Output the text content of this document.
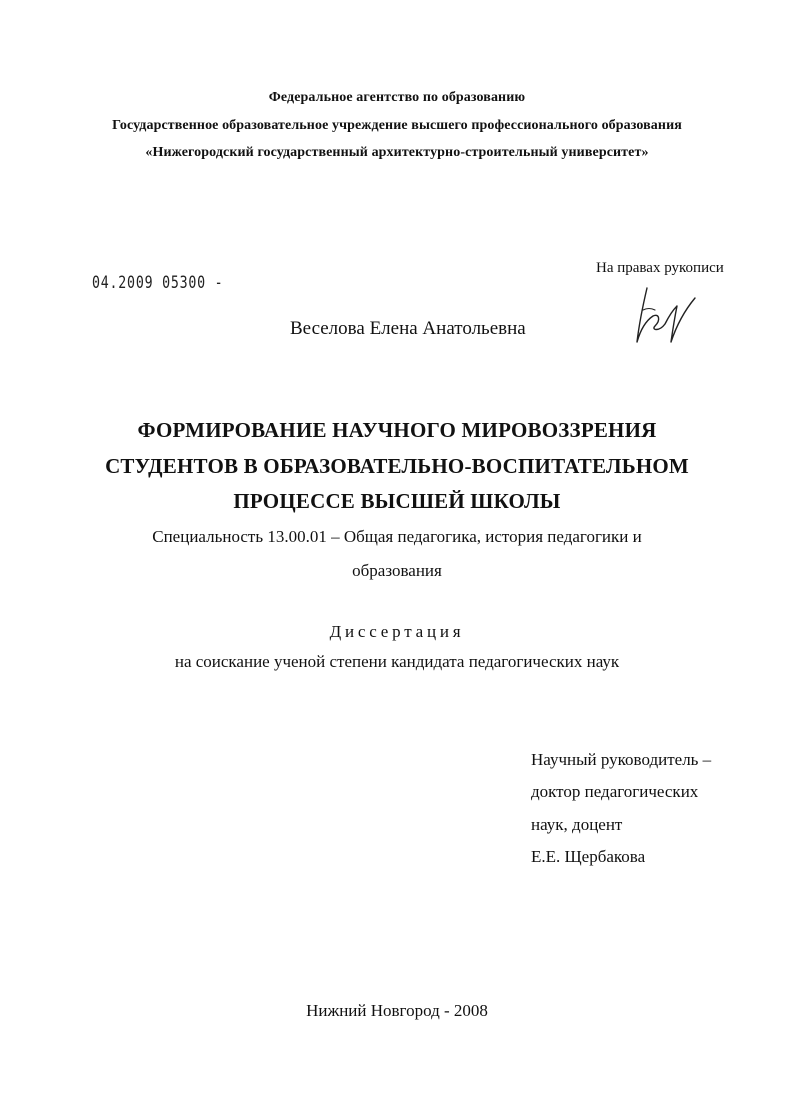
Федеральное агентство по образованию
Государственное образовательное учреждение высшего профессионального образования
«Нижегородский государственный архитектурно-строительный университет»
04.2009 05300 -
На правах рукописи
Веселова Елена Анатольевна
ФОРМИРОВАНИЕ НАУЧНОГО МИРОВОЗЗРЕНИЯ
СТУДЕНТОВ В ОБРАЗОВАТЕЛЬНО-ВОСПИТАТЕЛЬНОМ
ПРОЦЕССЕ ВЫСШЕЙ ШКОЛЫ
Специальность 13.00.01 – Общая педагогика, история педагогики и
образования
Диссертация
на соискание ученой степени кандидата педагогических наук
Научный руководитель –
доктор педагогических
наук, доцент
Е.Е. Щербакова
Нижний Новгород - 2008
